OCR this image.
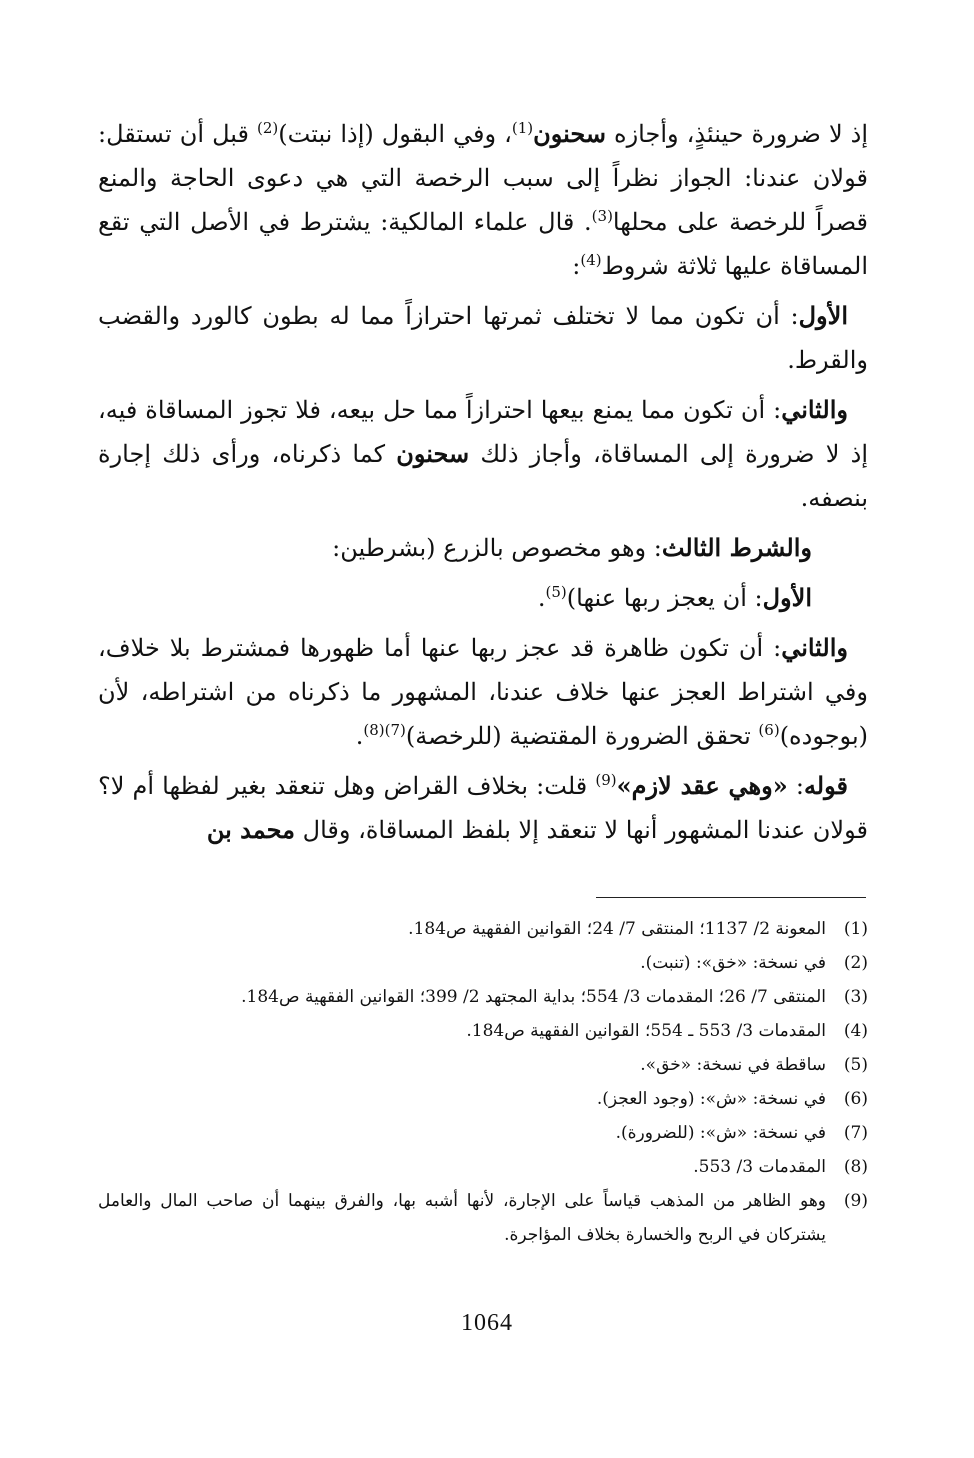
إذ لا ضرورة حينئذٍ، وأجازه سحنون$^{(1)}$، وفي البقول (إذا نبتت)$^{(2)}$ قبل أن تستقل: قولان عندنا: الجواز نظراً إلى سبب الرخصة التي هي دعوى الحاجة والمنع قصراً للرخصة على محلها$^{(3)}$. قال علماء المالكية: يشترط في الأصل التي تقع المساقاة عليها ثلاثة شروط$^{(4)}$:

الأول: أن تكون مما لا تختلف ثمرتها احترازاً مما له بطون كالورد والقضب والقرط.

والثاني: أن تكون مما يمنع بيعها احترازاً مما حل بيعه، فلا تجوز المساقاة فيه، إذ لا ضرورة إلى المساقاة، وأجاز ذلك سحنون كما ذكرناه، ورأى ذلك إجارة بنصفه.

والشرط الثالث: وهو مخصوص بالزرع (بشرطين:

الأول: أن يعجز ربها عنها)$^{(5)}$.

والثاني: أن تكون ظاهرة قد عجز ربها عنها أما ظهورها فمشترط بلا خلاف، وفي اشتراط العجز عنها خلاف عندنا، المشهور ما ذكرناه من اشتراطه، لأن (بوجوده)$^{(6)}$ تحقق الضرورة المقتضية (للرخصة)$^{(7)(8)}$.

قوله: «وهي عقد لازم»$^{(9)}$ قلت: بخلاف القراض وهل تنعقد بغير لفظها أم لا؟ قولان عندنا المشهور أنها لا تنعقد إلا بلفظ المساقاة، وقال محمد بن

(1)
المعونة 2/ 1137؛ المنتقى 7/ 24؛ القوانين الفقهية ص184.
(2)
في نسخة: «خق»: (تنبت).
(3)
المنتقى 7/ 26؛ المقدمات 3/ 554؛ بداية المجتهد 2/ 399؛ القوانين الفقهية ص184.
(4)
المقدمات 3/ 553 ـ 554؛ القوانين الفقهية ص184.
(5)
ساقطة في نسخة: «خق».
(6)
في نسخة: «ش»: (وجود العجز).
(7)
في نسخة: «ش»: (للضرورة).
(8)
المقدمات 3/ 553.
(9)
وهو الظاهر من المذهب قياساً على الإجارة، لأنها أشبه بها، والفرق بينهما أن صاحب المال والعامل يشتركان في الربح والخسارة بخلاف المؤاجرة.
1064
